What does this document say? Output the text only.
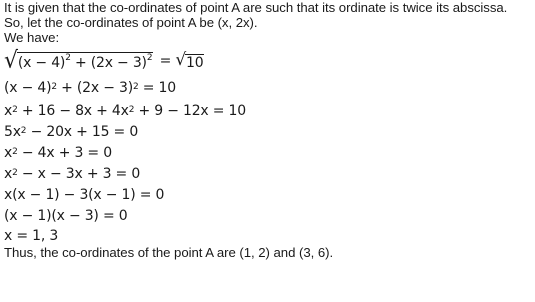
It is given that the co-ordinates of point A are such that its ordinate is twice its abscissa.

So, let the co-ordinates of point A be (x, 2x).

We have:

√ $(x - 4)^2 + (2x - 3)^2$ = √ 10
$(x - 4)^2 + (2x - 3)^2 = 10$
$x^2 + 16 - 8x + 4x^2 + 9 - 12x = 10$
$5x^2 - 20x + 15 = 0$
$x^2 - 4x + 3 = 0$
$x^2 - x - 3x + 3 = 0$
x(x − 1) − 3(x − 1) = 0
(x − 1)(x − 3) = 0
x = 1, 3

Thus, the co-ordinates of the point A are (1, 2) and (3, 6).
